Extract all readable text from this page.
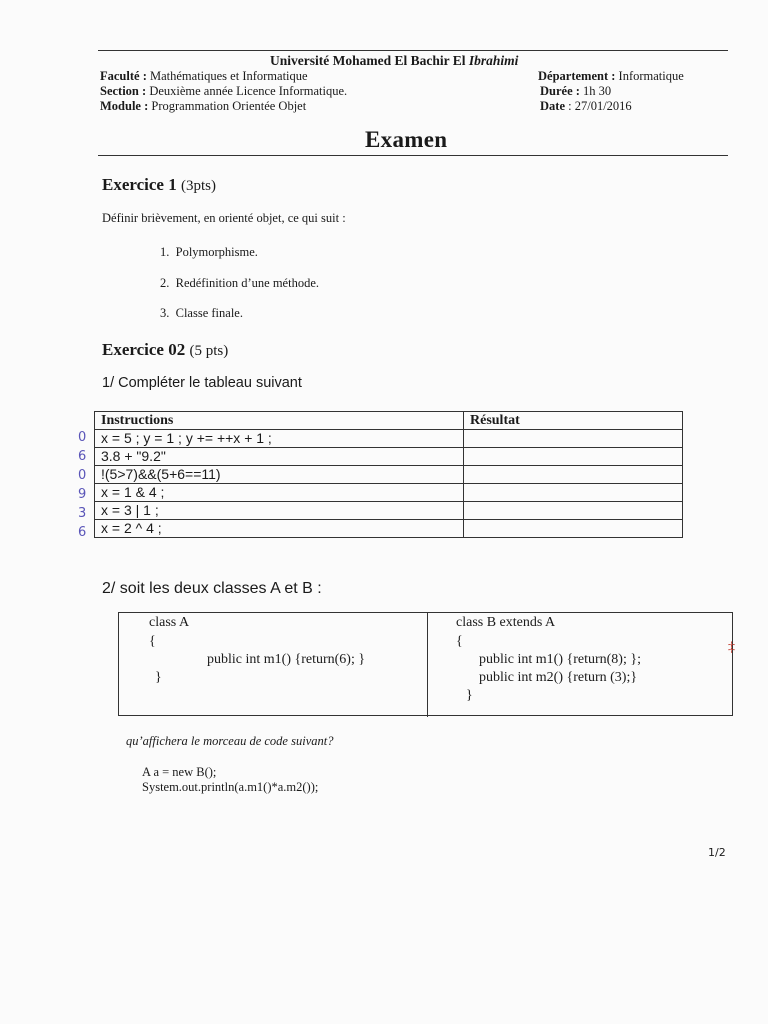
Université Mohamed El Bachir El Ibrahimi
Faculté : Mathématiques et Informatique
Section : Deuxième année Licence Informatique.
Module : Programmation Orientée Objet
Département : Informatique
Durée : 1h 30
Date : 27/01/2016
Examen
Exercice 1 (3pts)
Définir brièvement, en orienté objet, ce qui suit :
1. Polymorphisme.
2. Redéfinition d’une méthode.
3. Classe finale.
Exercice 02 (5 pts)
1/ Compléter le tableau suivant
Instructions	Résultat
x = 5 ; y = 1 ; y += ++x + 1 ;	
3.8 + "9.2"	
!(5>7)&&(5+6==11)	
x = 1 & 4 ;	
x = 3 | 1 ;	
x = 2 ^ 4 ;	
0
6
0
9
3
6
2/ soit les deux classes A et B :
class A
{
public int m1() {return(6); }
}
class B extends A
{
public int m1() {return(8); };
public int m2() {return (3);}
}
‡
qu’affichera le morceau de code suivant?
A a = new B();
System.out.println(a.m1()*a.m2());
1/2
